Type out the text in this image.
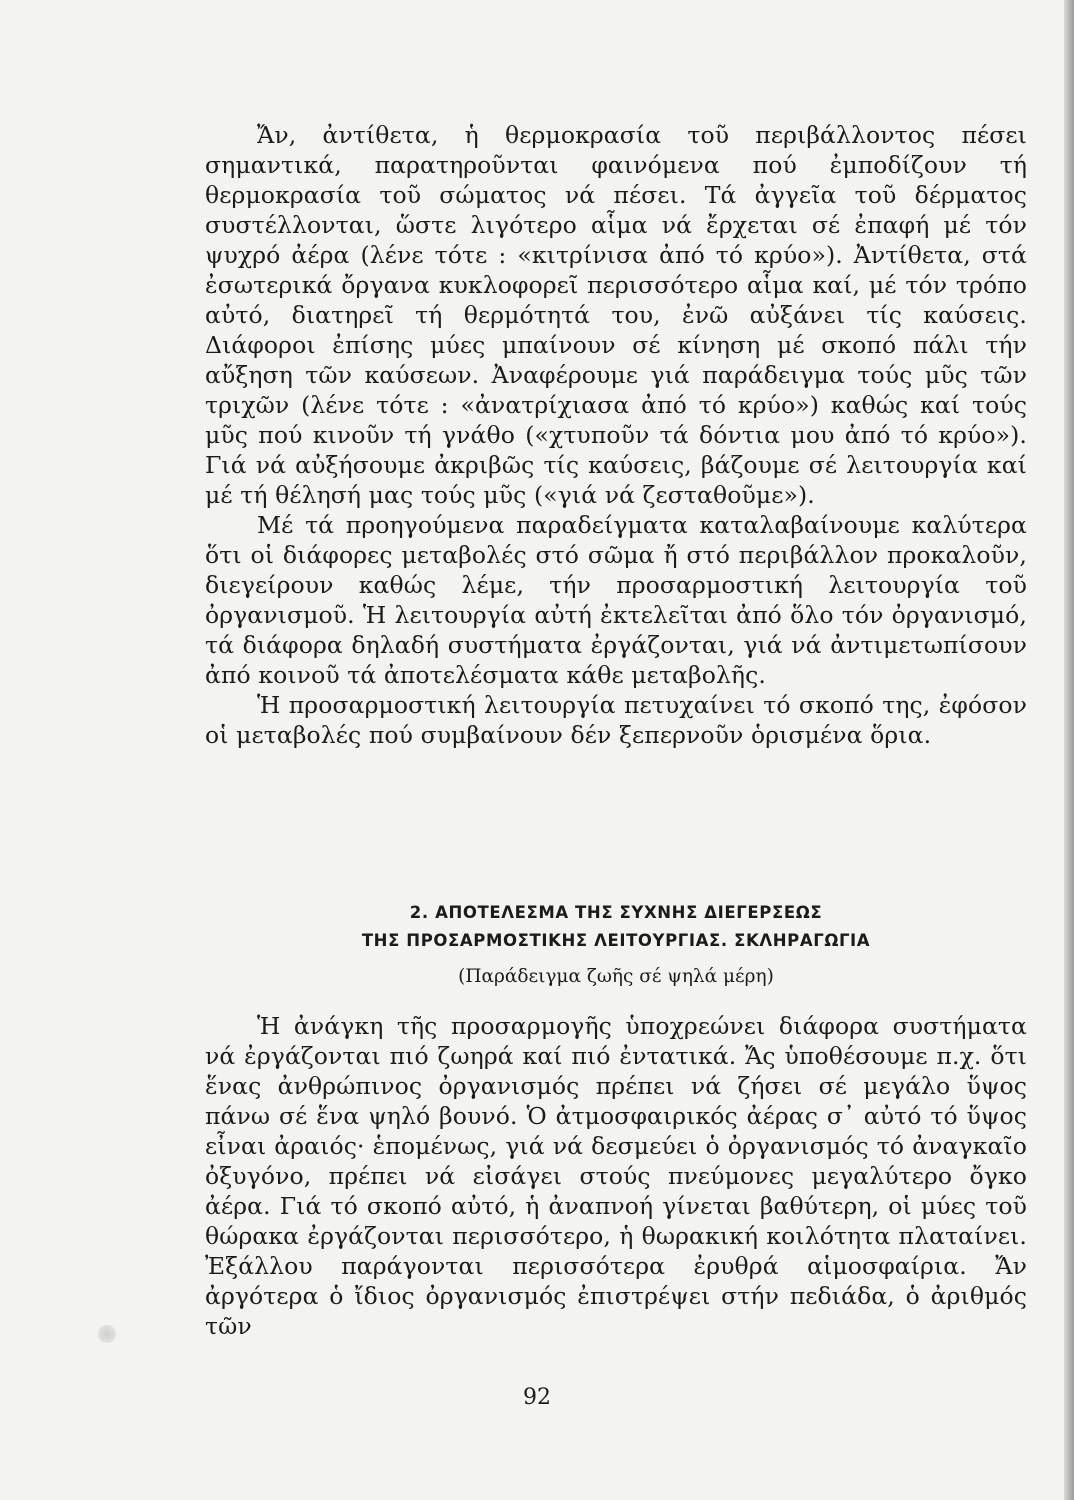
Ἄν, ἀντίθετα, ἡ θερμοκρασία τοῦ περιβάλλοντος πέσει σημαντικά, παρατηροῦνται φαινόμενα πού ἐμποδίζουν τή θερμοκρασία τοῦ σώματος νά πέσει. Τά ἀγγεῖα τοῦ δέρματος συστέλλονται, ὥστε λιγότερο αἷμα νά ἔρχεται σέ ἐπαφή μέ τόν ψυχρό ἀέρα (λένε τότε : «κιτρίνισα ἀπό τό κρύο»). Ἀντίθετα, στά ἐσωτερικά ὄργανα κυκλοφορεῖ περισσότερο αἷμα καί, μέ τόν τρόπο αὐτό, διατηρεῖ τή θερμότητά του, ἐνῶ αὐξάνει τίς καύσεις. Διάφοροι ἐπίσης μύες μπαίνουν σέ κίνηση μέ σκοπό πάλι τήν αὔξηση τῶν καύσεων. Ἀναφέρουμε γιά παράδειγμα τούς μῦς τῶν τριχῶν (λένε τότε : «ἀνατρίχιασα ἀπό τό κρύο») καθώς καί τούς μῦς πού κινοῦν τή γνάθο («χτυποῦν τά δόντια μου ἀπό τό κρύο»). Γιά νά αὐξήσουμε ἀκριβῶς τίς καύσεις, βάζουμε σέ λειτουργία καί μέ τή θέλησή μας τούς μῦς («γιά νά ζεσταθοῦμε»).

Μέ τά προηγούμενα παραδείγματα καταλαβαίνουμε καλύτερα ὅτι οἱ διάφορες μεταβολές στό σῶμα ἤ στό περιβάλλον προκαλοῦν, διεγείρουν καθώς λέμε, τήν προσαρμοστική λειτουργία τοῦ ὀργανισμοῦ. Ἡ λειτουργία αὐτή ἐκτελεῖται ἀπό ὅλο τόν ὀργανισμό, τά διάφορα δηλαδή συστήματα ἐργάζονται, γιά νά ἀντιμετωπίσουν ἀπό κοινοῦ τά ἀποτελέσματα κάθε μεταβολῆς.

Ἡ προσαρμοστική λειτουργία πετυχαίνει τό σκοπό της, ἐφόσον οἱ μεταβολές πού συμβαίνουν δέν ξεπερνοῦν ὁρισμένα ὅρια.

2. ΑΠΟΤΕΛΕΣΜΑ ΤΗΣ ΣΥΧΝΗΣ ΔΙΕΓΕΡΣΕΩΣ
ΤΗΣ ΠΡΟΣΑΡΜΟΣΤΙΚΗΣ ΛΕΙΤΟΥΡΓΙΑΣ. ΣΚΛΗΡΑΓΩΓΙΑ
(Παράδειγμα ζωῆς σέ ψηλά μέρη)

Ἡ ἀνάγκη τῆς προσαρμογῆς ὑποχρεώνει διάφορα συστήματα νά ἐργάζονται πιό ζωηρά καί πιό ἐντατικά. Ἄς ὑποθέσουμε π.χ. ὅτι ἕνας ἀνθρώπινος ὀργανισμός πρέπει νά ζήσει σέ μεγάλο ὕψος πάνω σέ ἕνα ψηλό βουνό. Ὁ ἀτμοσφαιρικός ἀέρας σ᾽ αὐτό τό ὕψος εἶναι ἀραιός· ἑπομένως, γιά νά δεσμεύει ὁ ὀργανισμός τό ἀναγκαῖο ὀξυγόνο, πρέπει νά εἰσάγει στούς πνεύμονες μεγαλύτερο ὄγκο ἀέρα. Γιά τό σκοπό αὐτό, ἡ ἀναπνοή γίνεται βαθύτερη, οἱ μύες τοῦ θώρακα ἐργάζονται περισσότερο, ἡ θωρακική κοιλότητα πλαταίνει. Ἐξάλλου παράγονται περισσότερα ἐρυθρά αἱμοσφαίρια. Ἄν ἀργότερα ὁ ἴδιος ὀργανισμός ἐπιστρέψει στήν πεδιάδα, ὁ ἀριθμός τῶν

92
